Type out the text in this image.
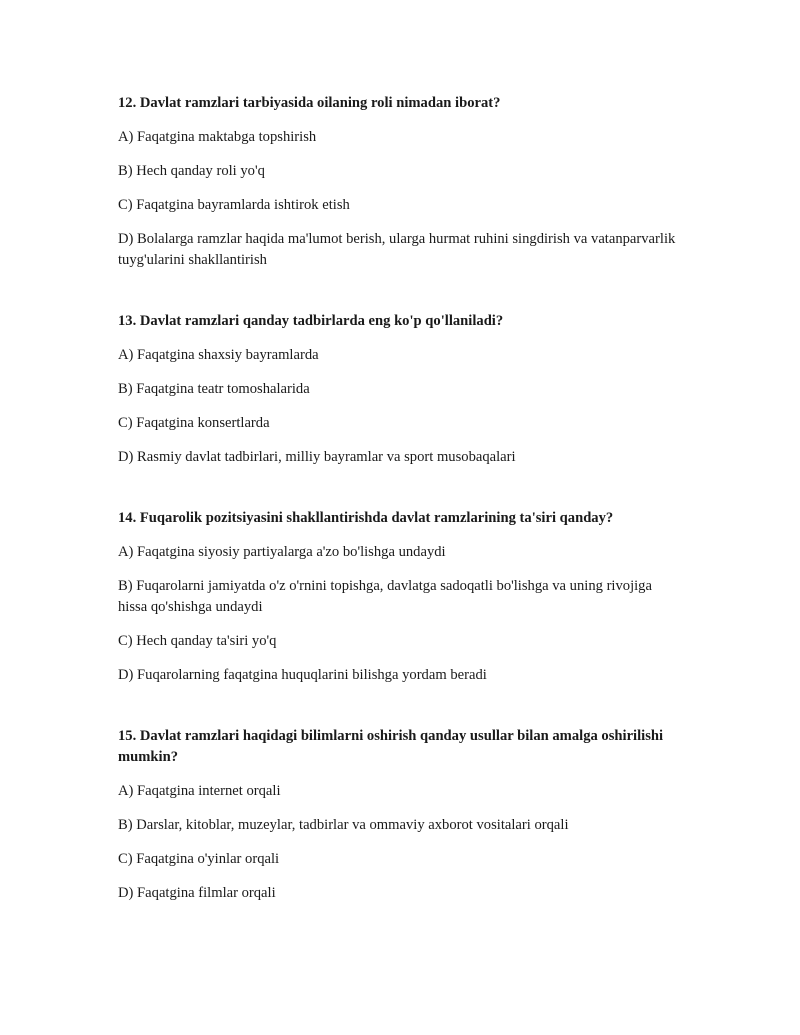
12. Davlat ramzlari tarbiyasida oilaning roli nimadan iborat?

A) Faqatgina maktabga topshirish

B) Hech qanday roli yo'q

C) Faqatgina bayramlarda ishtirok etish

D) Bolalarga ramzlar haqida ma'lumot berish, ularga hurmat ruhini singdirish va vatanparvarlik tuyg'ularini shakllantirish

13. Davlat ramzlari qanday tadbirlarda eng ko'p qo'llaniladi?

A) Faqatgina shaxsiy bayramlarda

B) Faqatgina teatr tomoshalarida

C) Faqatgina konsertlarda

D) Rasmiy davlat tadbirlari, milliy bayramlar va sport musobaqalari

14. Fuqarolik pozitsiyasini shakllantirishda davlat ramzlarining ta'siri qanday?

A) Faqatgina siyosiy partiyalarga a'zo bo'lishga undaydi

B) Fuqarolarni jamiyatda o'z o'rnini topishga, davlatga sadoqatli bo'lishga va uning rivojiga hissa qo'shishga undaydi

C) Hech qanday ta'siri yo'q

D) Fuqarolarning faqatgina huquqlarini bilishga yordam beradi

15. Davlat ramzlari haqidagi bilimlarni oshirish qanday usullar bilan amalga oshirilishi mumkin?

A) Faqatgina internet orqali

B) Darslar, kitoblar, muzeylar, tadbirlar va ommaviy axborot vositalari orqali

C) Faqatgina o'yinlar orqali

D) Faqatgina filmlar orqali
